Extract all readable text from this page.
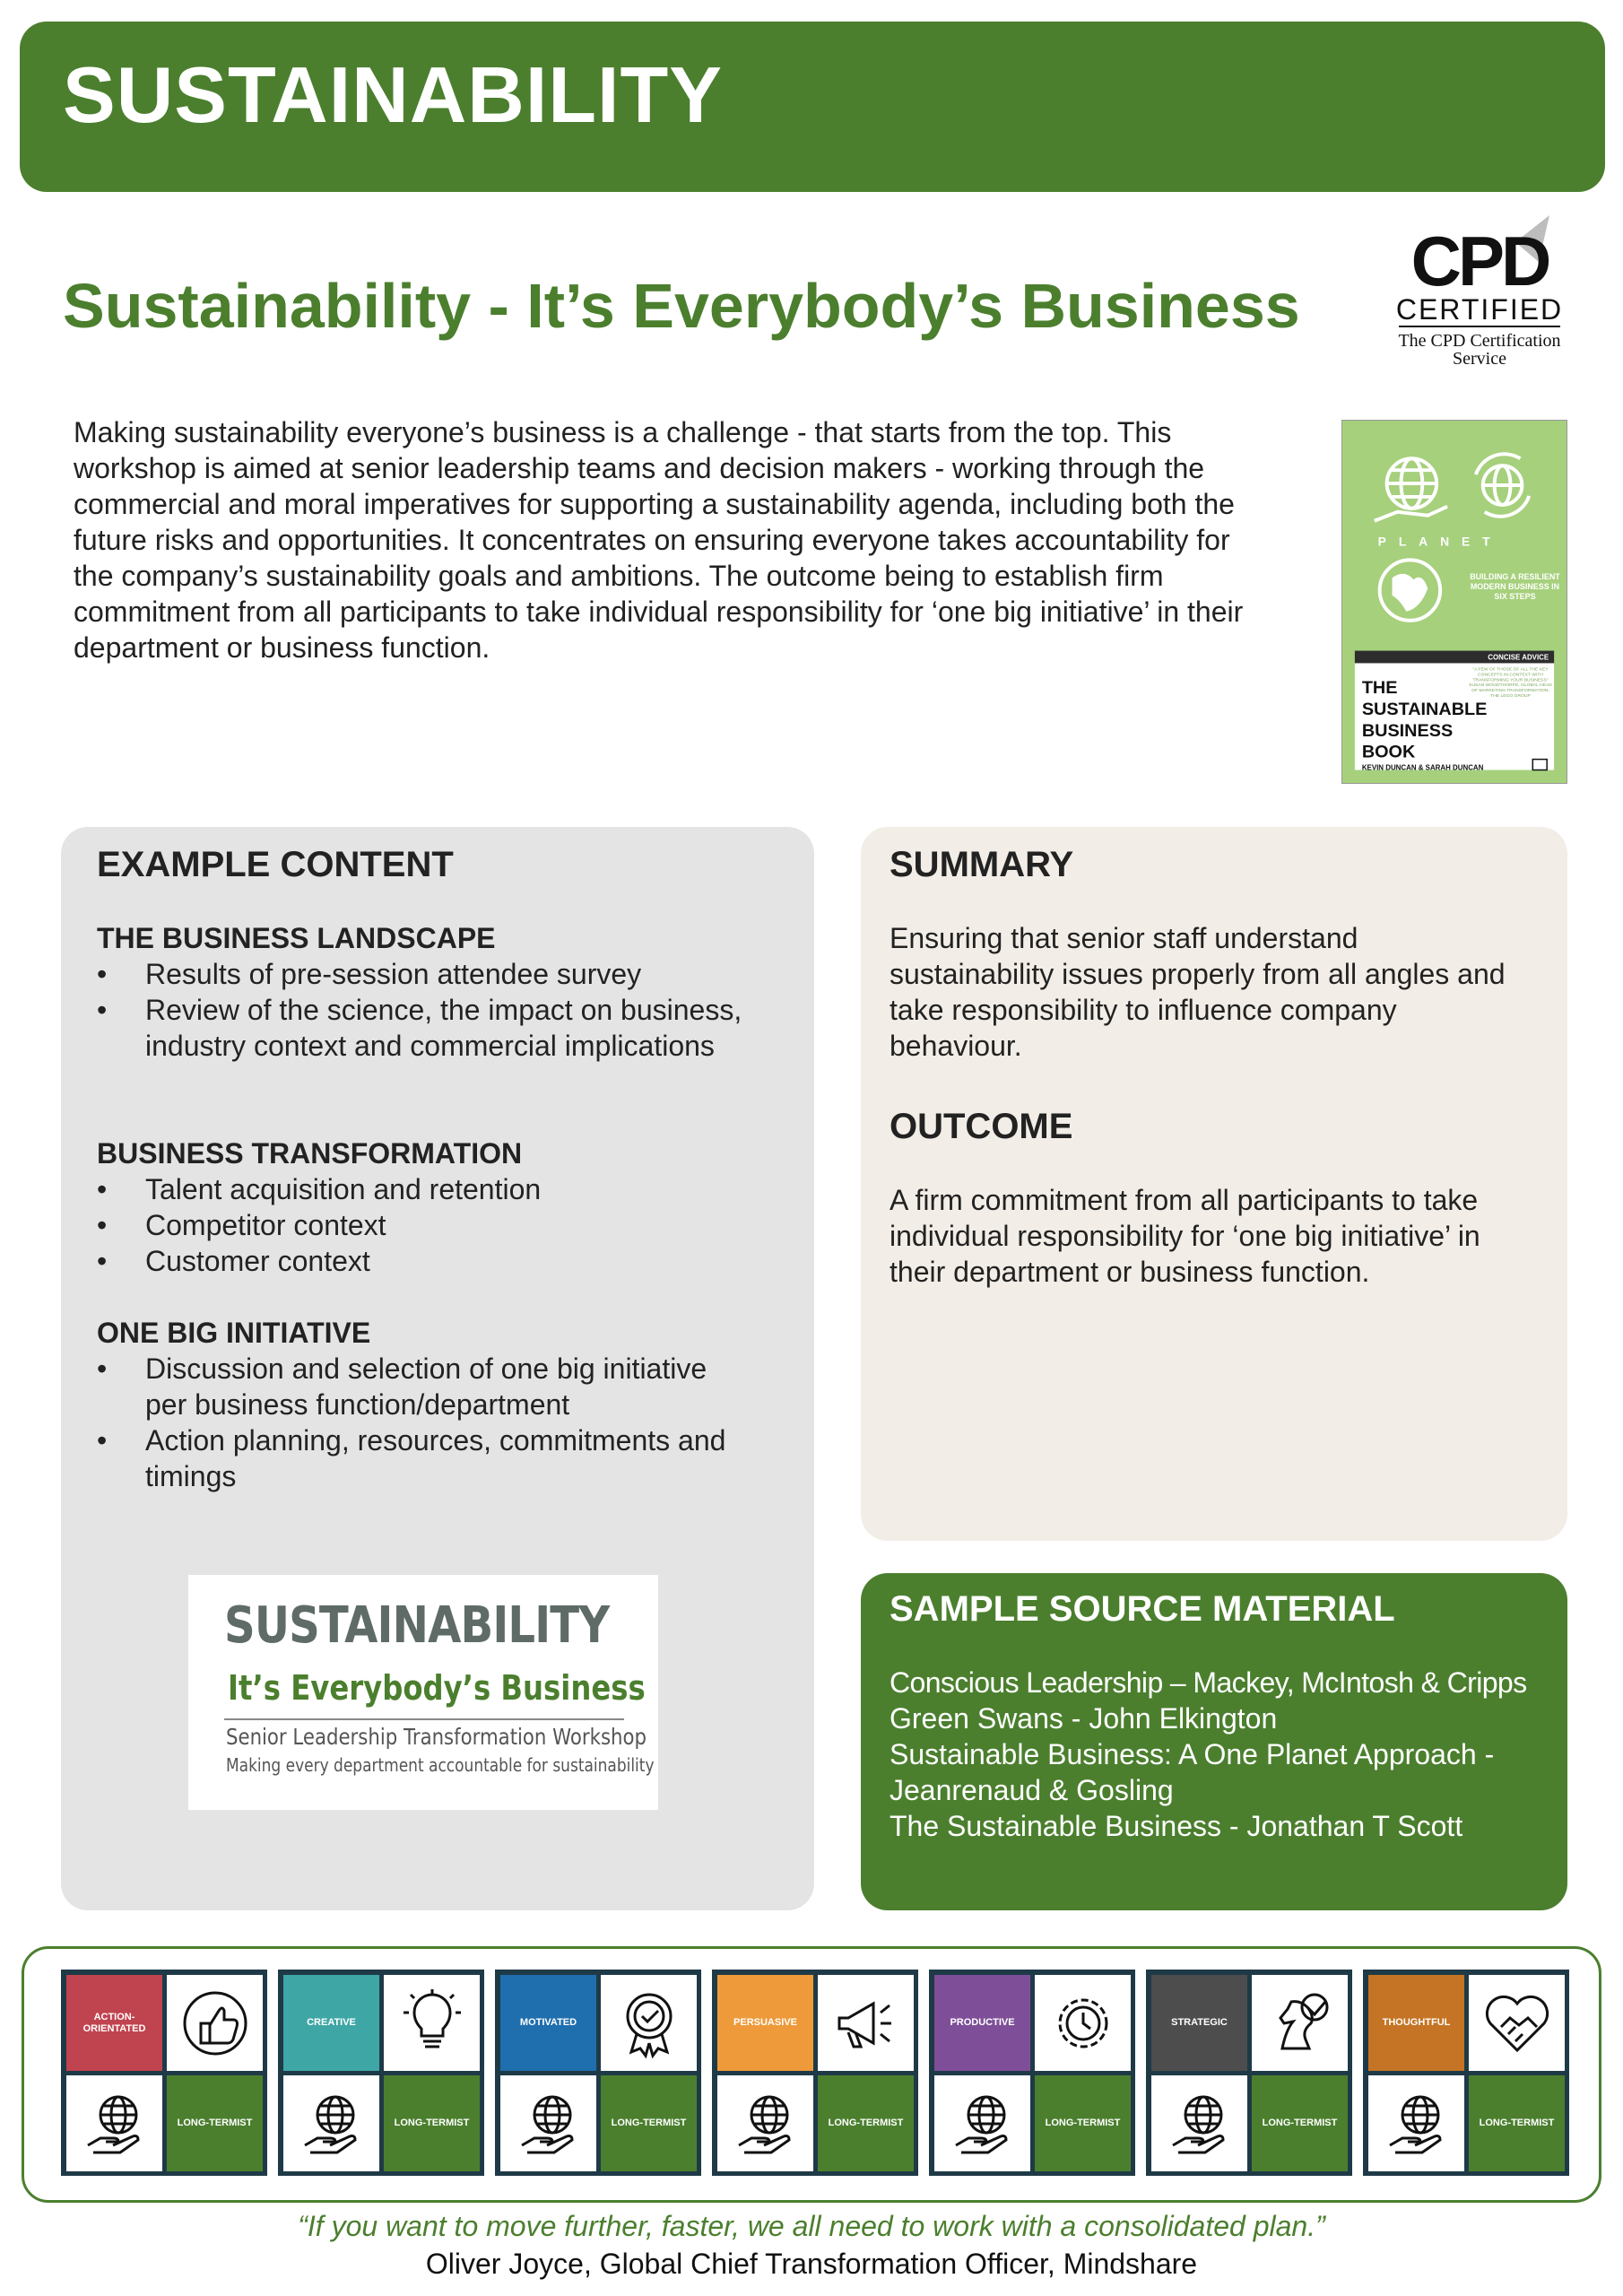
SUSTAINABILITY
Sustainability - It’s Everybody’s Business
CPD
CERTIFIED
The CPD Certification
Service
Making sustainability everyone’s business is a challenge - that starts from the top. This workshop is aimed at senior leadership teams and decision makers - working through the commercial and moral imperatives for supporting a sustainability agenda, including both the future risks and opportunities. It concentrates on ensuring everyone takes accountability for the company’s sustainability goals and ambitions. The outcome being to establish firm commitment from all participants to take individual responsibility for ‘one big initiative’ in their department or business function.
PLANET
BUILDING A RESILIENT MODERN BUSINESS IN SIX STEPS
CONCISE ADVICE
THE
SUSTAINABLE
BUSINESS
BOOK
"A FEW OF THOSE OF ALL THE KEY CONCEPTS IN CONTEXT WITH TRANSFORMING YOUR BUSINESS"
SUSAN WOODTHORPE, GLOBAL HEAD OF MARKETING TRANSFORMATION, THE LEGO GROUP
KEVIN DUNCAN & SARAH DUNCAN
EXAMPLE CONTENT
THE BUSINESS LANDSCAPE
• Results of pre-session attendee survey
• Review of the science, the impact on business, industry context and commercial implications
BUSINESS TRANSFORMATION
• Talent acquisition and retention
• Competitor context
• Customer context
ONE BIG INITIATIVE
• Discussion and selection of one big initiative per business function/department
• Action planning, resources, commitments and timings
SUSTAINABILITY
It’s Everybody’s Business
Senior Leadership Transformation Workshop
Making every department accountable for sustainability
SUMMARY
Ensuring that senior staff understand sustainability issues properly from all angles and take responsibility to influence company behaviour.
OUTCOME
A firm commitment from all participants to take individual responsibility for ‘one big initiative’ in their department or business function.
SAMPLE SOURCE MATERIAL
Conscious Leadership – Mackey, McIntosh & Cripps
Green Swans - John Elkington
Sustainable Business: A One Planet Approach - Jeanrenaud & Gosling
The Sustainable Business - Jonathan T Scott
ACTION-ORIENTATED
LONG-TERMIST
CREATIVE
LONG-TERMIST
MOTIVATED
LONG-TERMIST
PERSUASIVE
LONG-TERMIST
PRODUCTIVE
LONG-TERMIST
STRATEGIC
LONG-TERMIST
THOUGHTFUL
LONG-TERMIST
“If you want to move further, faster, we all need to work with a consolidated plan.”
Oliver Joyce, Global Chief Transformation Officer, Mindshare
